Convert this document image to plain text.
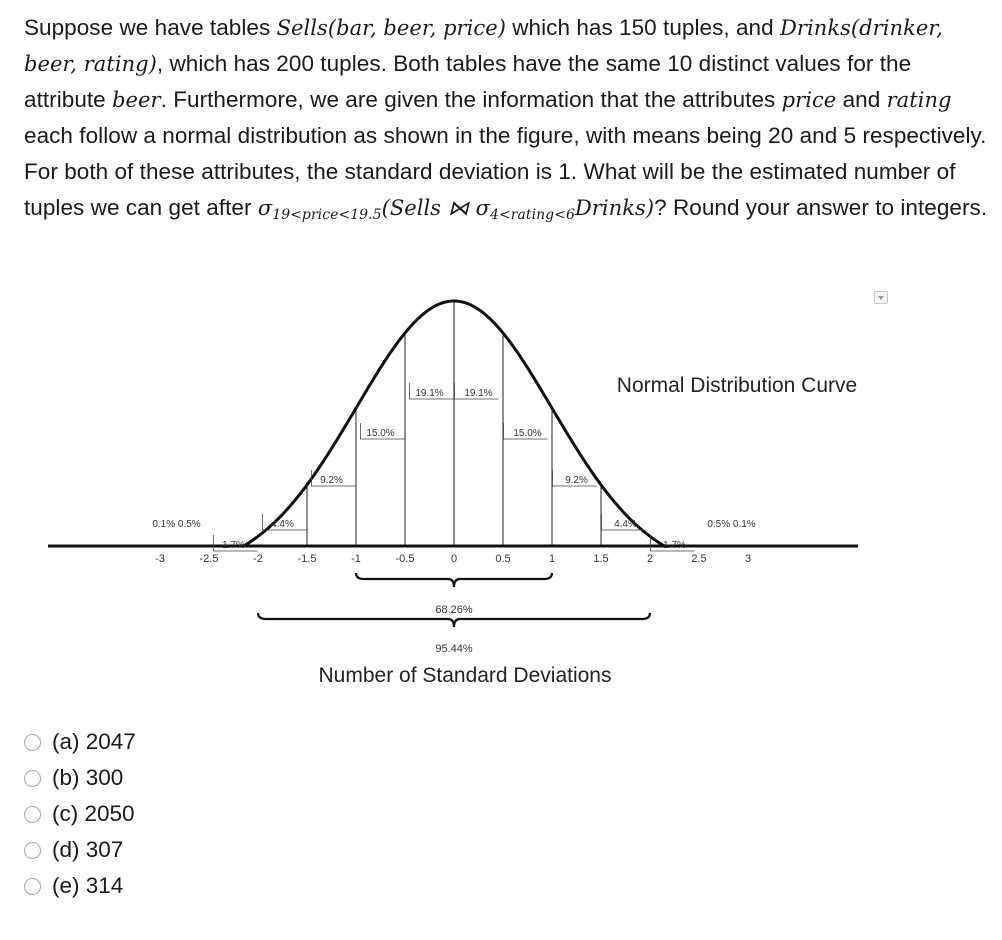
Suppose we have tables Sells(bar, beer, price) which has 150 tuples, and Drinks(drinker, beer, rating), which has 200 tuples. Both tables have the same 10 distinct values for the attribute beer. Furthermore, we are given the information that the attributes price and rating each follow a normal distribution as shown in the figure, with means being 20 and 5 respectively. For both of these attributes, the standard deviation is 1. What will be the estimated number of tuples we can get after $\sigma_{19<price<19.5}(Sells$ ⋈ $\sigma_{4<rating<6}Drinks$)? Round your answer to integers.
-3	-2.5	-2	-1.5	-1	-0.5	0	0.5	1	1.5	2	2.5	3
0.1% 0.5%
1.7%
4.4%
9.2%
15.0%
19.1% 19.1%
15.0%
9.2%
4.4%
1.7%
0.5% 0.1%
Normal Distribution Curve
Number of Standard Deviations
68.26%
95.44%
(a) 2047
(b) 300
(c) 2050
(d) 307
(e) 314
